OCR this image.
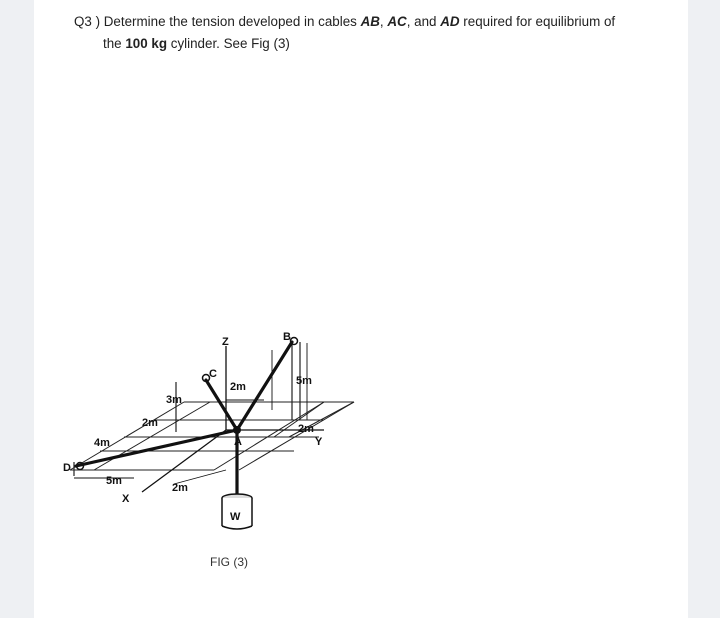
Q3 ) Determine the tension developed in cables AB, AC, and AD required for equilibrium of
the 100 kg cylinder. See Fig (3)
Z
Y
X
A
B
C
D
W
2m	5m
3m
2m
4m
5m
2m
2m
FIG (3)
